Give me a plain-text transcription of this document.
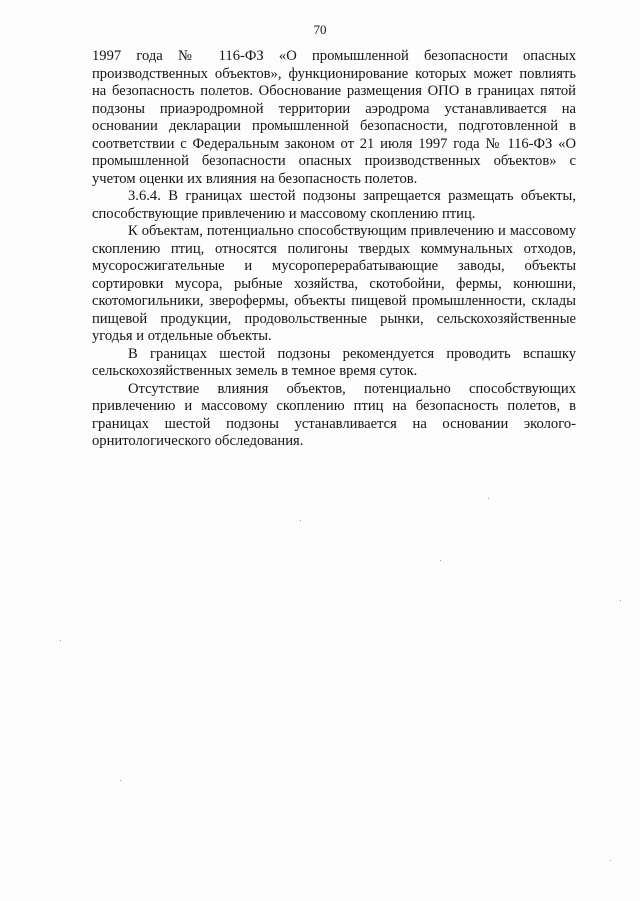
70

1997 года № 116-ФЗ «О промышленной безопасности опасных производственных объектов», функционирование которых может повлиять на безопасность полетов. Обоснование размещения ОПО в границах пятой подзоны приаэродромной территории аэродрома устанавливается на основании декларации промышленной безопасности, подготовленной в соответствии с Федеральным законом от 21 июля 1997 года № 116-ФЗ «О промышленной безопасности опасных производственных объектов» с учетом оценки их влияния на безопасность полетов.

3.6.4. В границах шестой подзоны запрещается размещать объекты, способствующие привлечению и массовому скоплению птиц.

К объектам, потенциально способствующим привлечению и массовому скоплению птиц, относятся полигоны твердых коммунальных отходов, мусоросжигательные и мусороперерабатывающие заводы, объекты сортировки мусора, рыбные хозяйства, скотобойни, фермы, конюшни, скотомогильники, зверофермы, объекты пищевой промышленности, склады пищевой продукции, продовольственные рынки, сельскохозяйственные угодья и отдельные объекты.

В границах шестой подзоны рекомендуется проводить вспашку сельскохозяйственных земель в темное время суток.

Отсутствие влияния объектов, потенциально способствующих привлечению и массовому скоплению птиц на безопасность полетов, в границах шестой подзоны устанавливается на основании эколого-орнитологического обследования.
